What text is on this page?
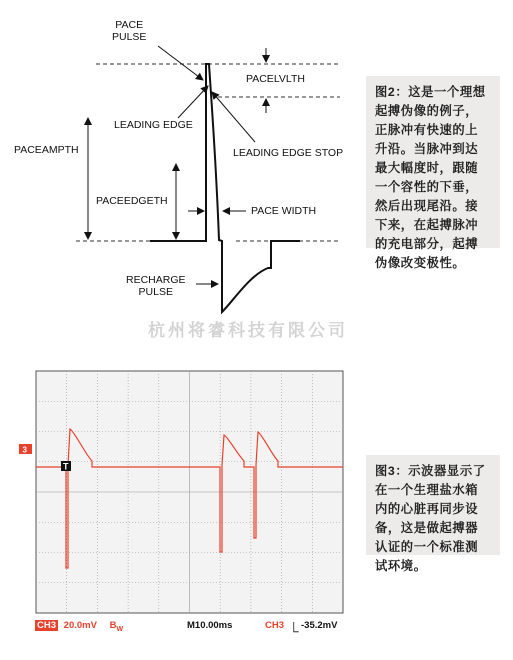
PACE
PULSE
PACELVLTH
LEADING EDGE
LEADING EDGE STOP
PACEAMPTH
PACEEDGETH
PACE WIDTH
RECHARGE
PULSE
图2：这是一个理想起搏伪像的例子，正脉冲有快速的上升沿。当脉冲到达最大幅度时，跟随一个容性的下垂，然后出现尾沿。接下来，在起搏脉冲的充电部分，起搏伪像改变极性。
杭州将睿科技有限公司
3
T
CH3 20.0mV $B_W$	M10.00ms	CH3 ⎿ -35.2mV
图3：示波器显示了在一个生理盐水箱内的心脏再同步设备，这是做起搏器认证的一个标准测试环境。
